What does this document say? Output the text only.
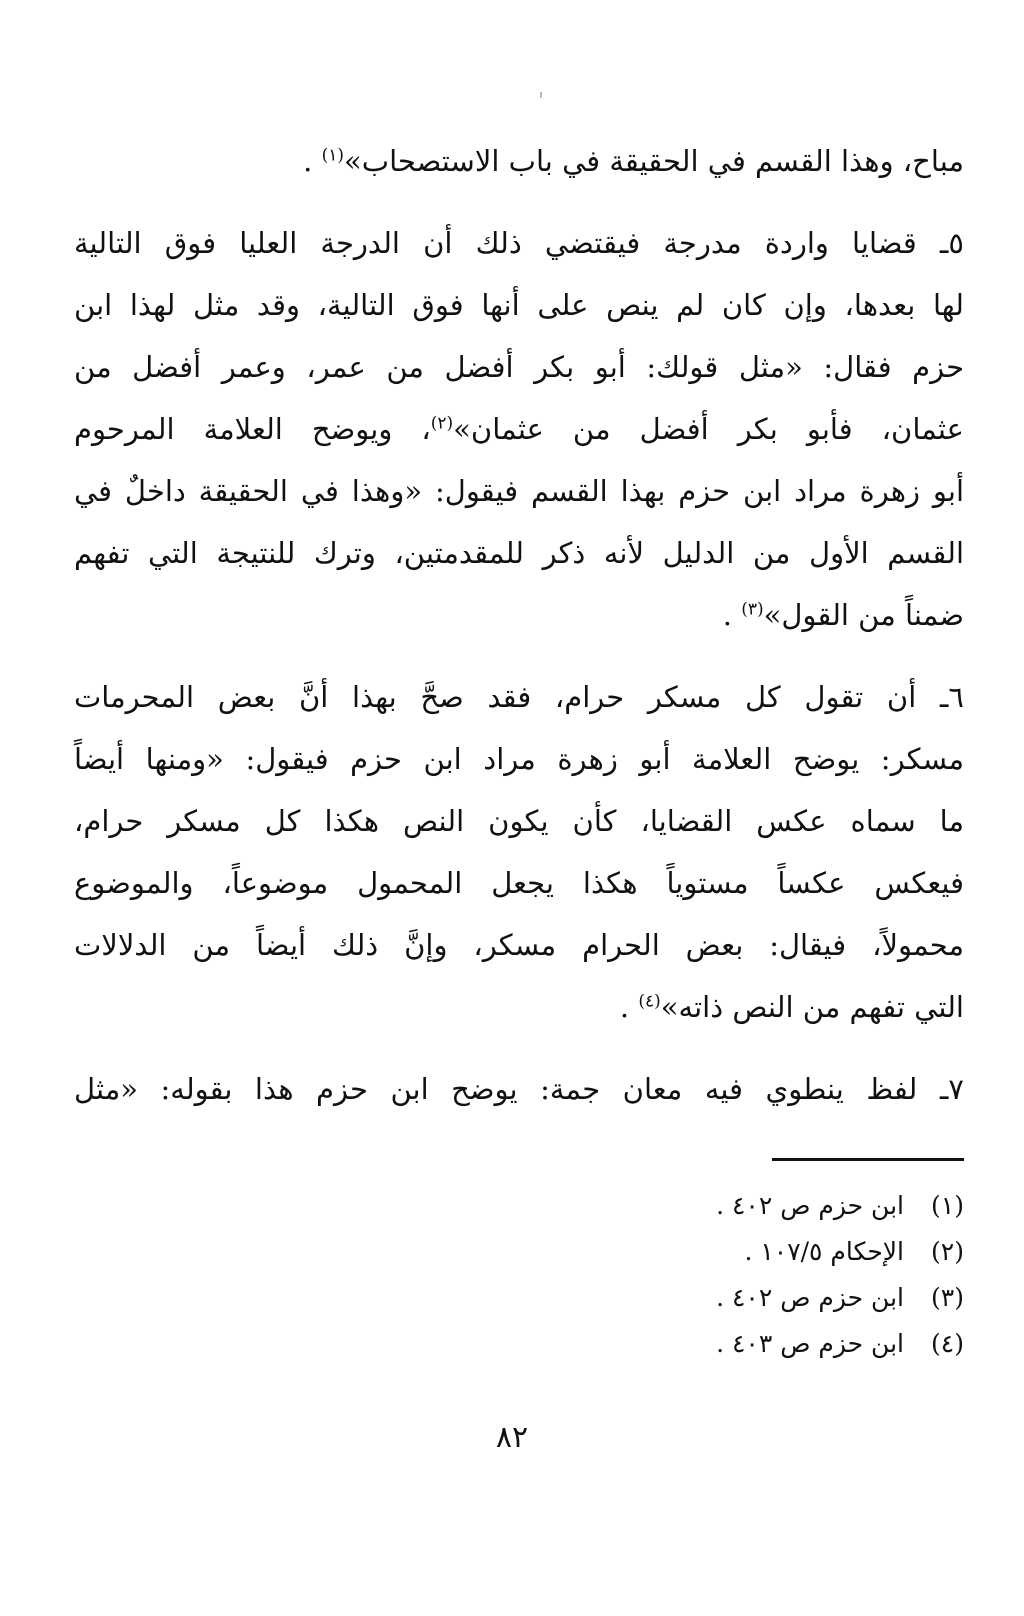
مباح، وهذا القسم في الحقيقة في باب الاستصحاب»$^{(١)}$ .

٥ـ قضايا واردة مدرجة فيقتضي ذلك أن الدرجة العليا فوق التالية
لها بعدها، وإن كان لم ينص على أنها فوق التالية، وقد مثل لهذا ابن
حزم فقال: «مثل قولك: أبو بكر أفضل من عمر، وعمر أفضل من
عثمان، فأبو بكر أفضل من عثمان»$^{(٢)}$، ويوضح العلامة المرحوم
أبو زهرة مراد ابن حزم بهذا القسم فيقول: «وهذا في الحقيقة داخلٌ في
القسم الأول من الدليل لأنه ذكر للمقدمتين، وترك للنتيجة التي تفهم
ضمناً من القول»$^{(٣)}$ .

٦ـ أن تقول كل مسكر حرام، فقد صحَّ بهذا أنَّ بعض المحرمات
مسكر: يوضح العلامة أبو زهرة مراد ابن حزم فيقول: «ومنها أيضاً
ما سماه عكس القضايا، كأن يكون النص هكذا كل مسكر حرام،
فيعكس عكساً مستوياً هكذا يجعل المحمول موضوعاً، والموضوع
محمولاً، فيقال: بعض الحرام مسكر، وإنَّ ذلك أيضاً من الدلالات
التي تفهم من النص ذاته»$^{(٤)}$ .

٧ـ لفظ ينطوي فيه معان جمة: يوضح ابن حزم هذا بقوله: «مثل

(١)
ابن حزم ص ٤٠٢ .
(٢)
الإحكام ١٠٧/٥ .
(٣)
ابن حزم ص ٤٠٢ .
(٤)
ابن حزم ص ٤٠٣ .
٨٢
